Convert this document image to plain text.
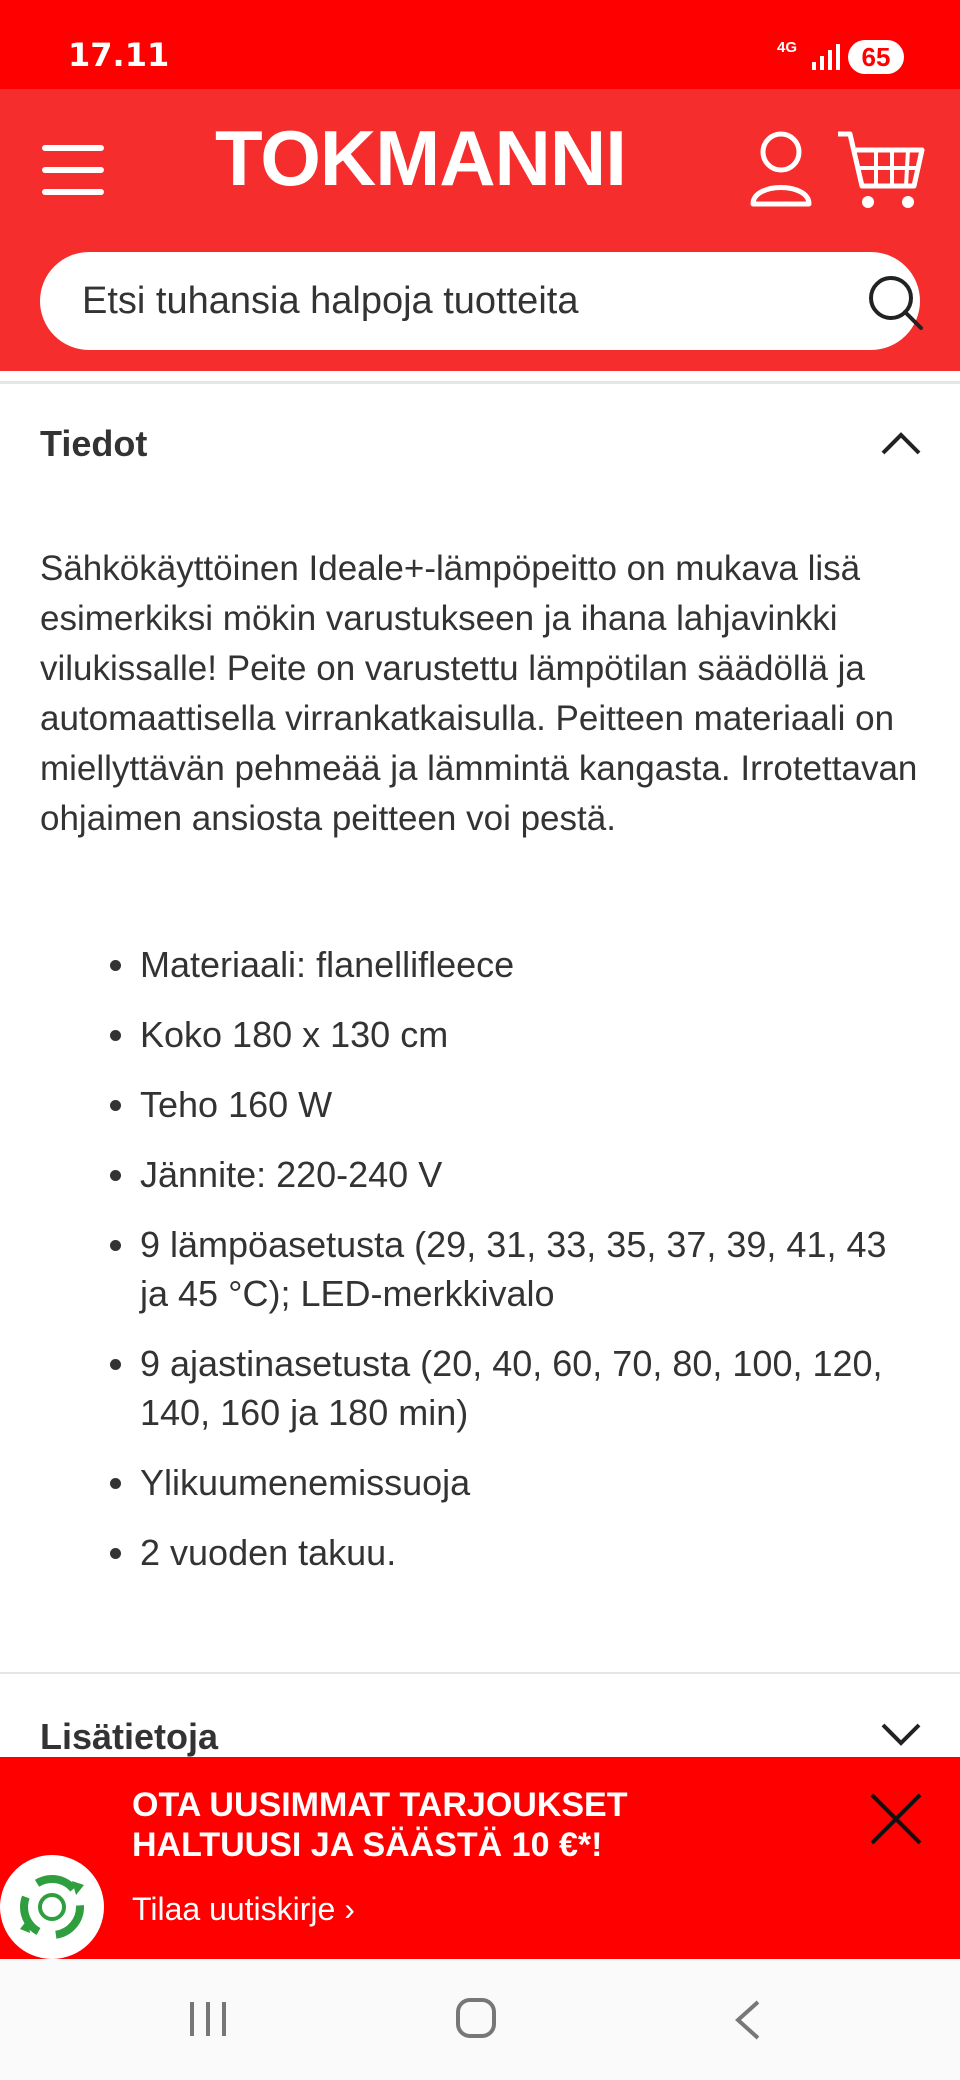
17.11	4G	65
TOKMANNI
Etsi tuhansia halpoja tuotteita
Tiedot
Sähkökäyttöinen Ideale+-lämpöpeitto on mukava lisä esimerkiksi mökin varustukseen ja ihana lahjavinkki vilukissalle! Peite on varustettu lämpötilan säädöllä ja automaattisella virrankatkaisulla. Peitteen materiaali on miellyttävän pehmeää ja lämmintä kangasta. Irrotettavan ohjaimen ansiosta peitteen voi pestä.
Materiaali: flanellifleece
Koko 180 x 130 cm
Teho 160 W
Jännite: 220-240 V
9 lämpöasetusta (29, 31, 33, 35, 37, 39, 41, 43 ja 45 °C); LED-merkkivalo
9 ajastinasetusta (20, 40, 60, 70, 80, 100, 120, 140, 160 ja 180 min)
Ylikuumenemissuoja
2 vuoden takuu.
Lisätietoja
OTA UUSIMMAT TARJOUKSET HALTUUSI JA SÄÄSTÄ 10 €*!
Tilaa uutiskirje ›
